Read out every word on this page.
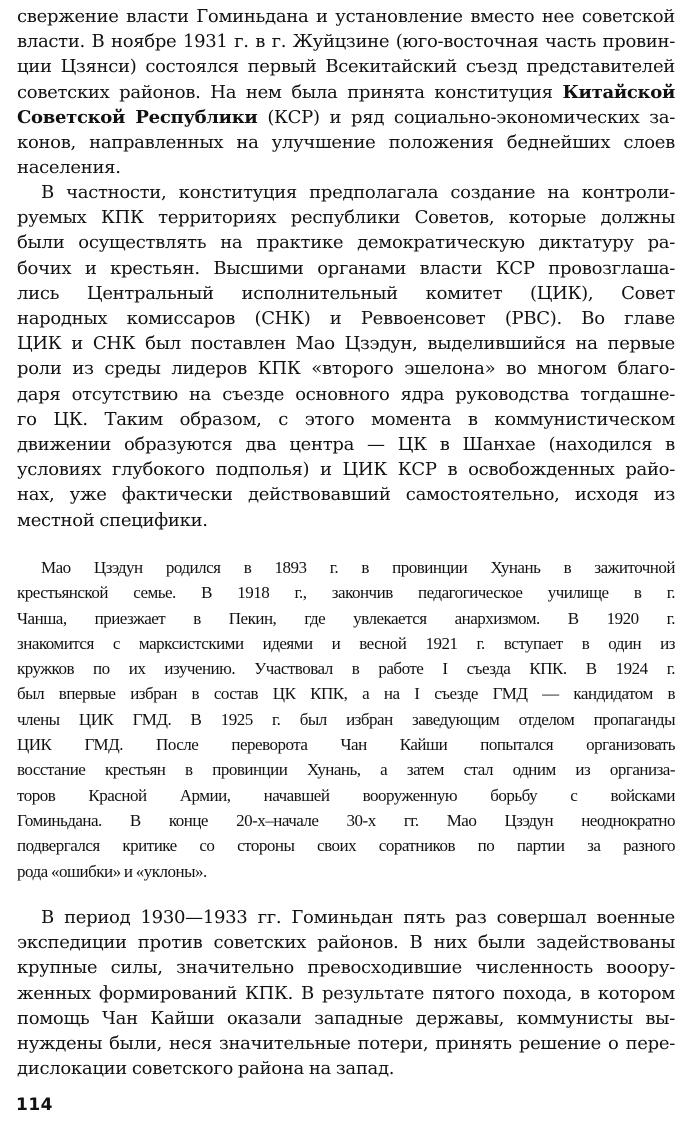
свержение власти Гоминьдана и установление вместо нее советской
власти. В ноябре 1931 г. в г. Жуйцзине (юго-восточная часть провин-
ции Цзянси) состоялся первый Всекитайский съезд представителей
советских районов. На нем была принята конституция Китайской
Советской Республики (КСР) и ряд социально-экономических за-
конов, направленных на улучшение положения беднейших слоев
населения.
В частности, конституция предполагала создание на контроли-
руемых КПК территориях республики Советов, которые должны
были осуществлять на практике демократическую диктатуру ра-
бочих и крестьян. Высшими органами власти КСР провозглаша-
лись Центральный исполнительный комитет (ЦИК), Совет
народных комиссаров (СНК) и Реввоенсовет (РВС). Во главе
ЦИК и СНК был поставлен Мао Цзэдун, выделившийся на первые
роли из среды лидеров КПК «второго эшелона» во многом благо-
даря отсутствию на съезде основного ядра руководства тогдашне-
го ЦК. Таким образом, с этого момента в коммунистическом
движении образуются два центра — ЦК в Шанхае (находился в
условиях глубокого подполья) и ЦИК КСР в освобожденных райо-
нах, уже фактически действовавший самостоятельно, исходя из
местной специфики.
Мао Цзэдун родился в 1893 г. в провинции Хунань в зажиточной
крестьянской семье. В 1918 г., закончив педагогическое училище в г.
Чанша, приезжает в Пекин, где увлекается анархизмом. В 1920 г.
знакомится с марксистскими идеями и весной 1921 г. вступает в один из
кружков по их изучению. Участвовал в работе I съезда КПК. В 1924 г.
был впервые избран в состав ЦК КПК, а на I съезде ГМД — кандидатом в
члены ЦИК ГМД. В 1925 г. был избран заведующим отделом пропаганды
ЦИК ГМД. После переворота Чан Кайши попытался организовать
восстание крестьян в провинции Хунань, а затем стал одним из организа-
торов Красной Армии, начавшей вооруженную борьбу с войсками
Гоминьдана. В конце 20-х–начале 30-х гг. Мао Цзэдун неоднократно
подвергался критике со стороны своих соратников по партии за разного
рода «ошибки» и «уклоны».
В период 1930—1933 гг. Гоминьдан пять раз совершал военные
экспедиции против советских районов. В них были задействованы
крупные силы, значительно превосходившие численность вооору-
женных формирований КПК. В результате пятого похода, в котором
помощь Чан Кайши оказали западные державы, коммунисты вы-
нуждены были, неся значительные потери, принять решение о пере-
дислокации советского района на запад.

114
